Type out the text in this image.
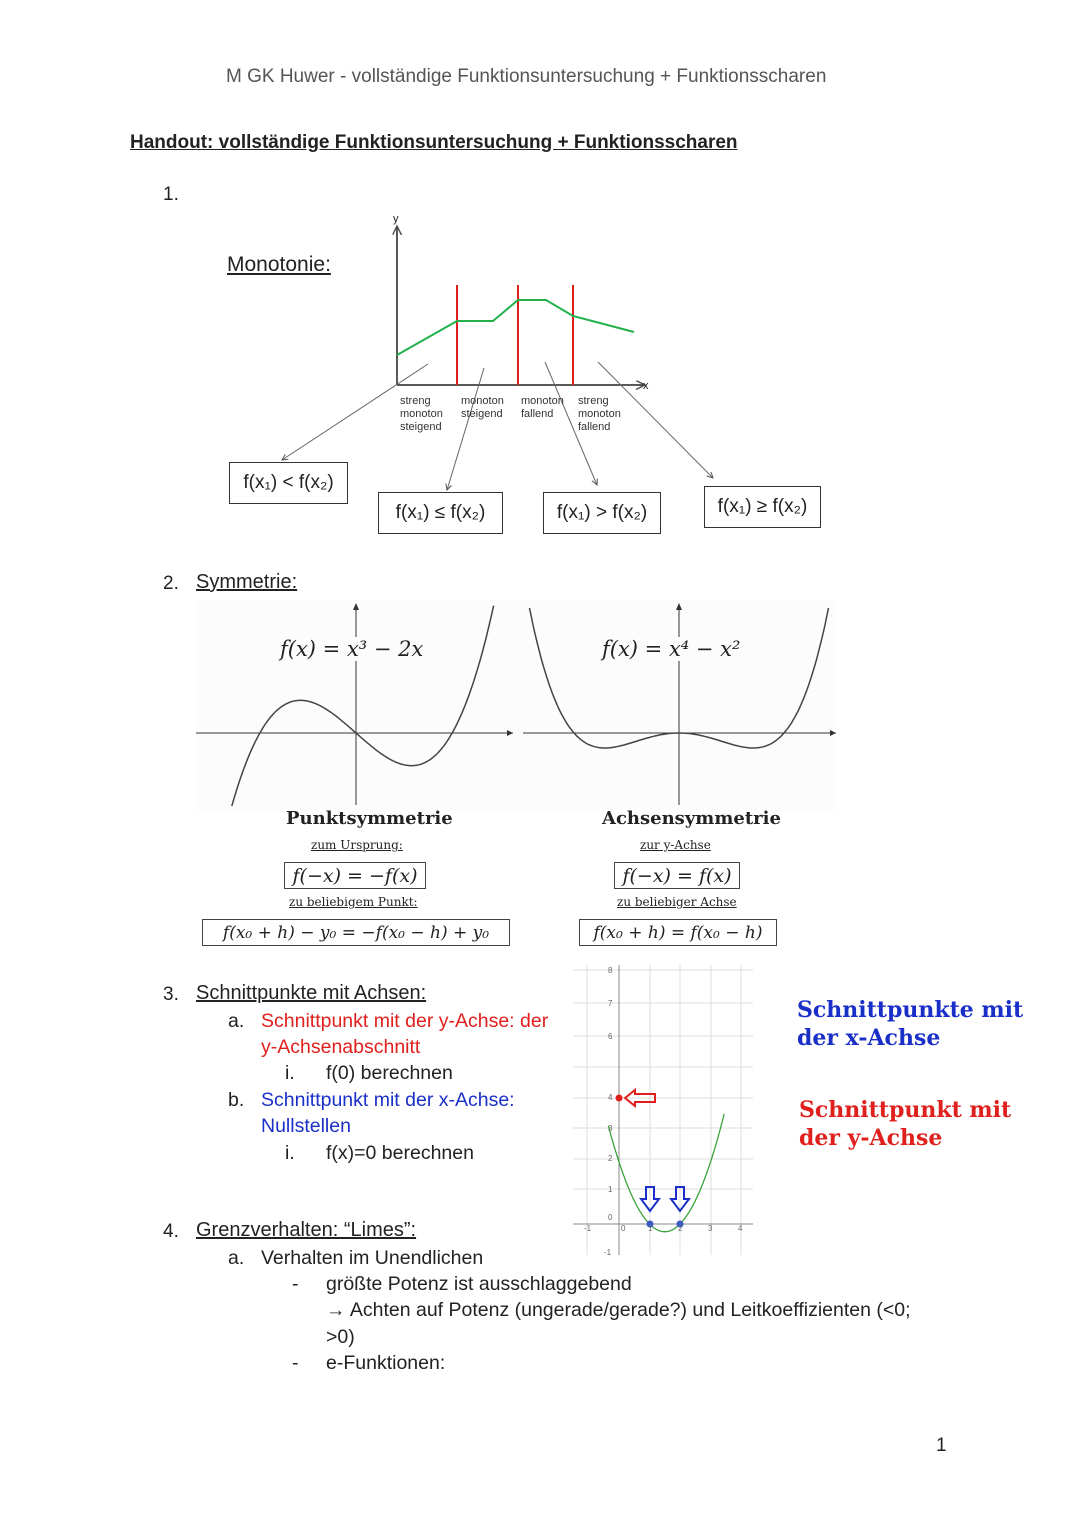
M GK Huwer - vollständige Funktionsuntersuchung + Funktionsscharen
Handout: vollständige Funktionsuntersuchung + Funktionsscharen
1.
Monotonie:
y
x
streng
monoton
steigend
monoton
steigend
monoton
fallend
streng
monoton
fallend
f(x₁) < f(x₂)
f(x₁) ≤ f(x₂)	f(x₁) > f(x₂)	f(x₁) ≥ f(x₂)
2. Symmetrie:
f(x) = x³ − 2x	f(x) = x⁴ − x²
Punktsymmetrie
zum Ursprung:
f(−x) = −f(x)
zu beliebigem Punkt:
f(x₀ + h) − y₀ = −f(x₀ − h) + y₀
Achsensymmetrie
zur y-Achse
f(−x) = f(x)
zu beliebiger Achse
f(x₀ + h) = f(x₀ − h)
3. Schnittpunkte mit Achsen:
a. Schnittpunkt mit der y-Achse: der
y-Achsenabschnitt
i. f(0) berechnen
b. Schnittpunkt mit der x-Achse:
Nullstellen
i. f(x)=0 berechnen
8
7
6
4
3
2
1
0
-1
-1	0	1	2	3	4
Schnittpunkte mit
der x-Achse
Schnittpunkt mit
der y-Achse
4. Grenzverhalten: “Limes”:
a. Verhalten im Unendlichen
- größte Potenz ist ausschlaggebend
→ Achten auf Potenz (ungerade/gerade?) und Leitkoeffizienten (<0;
>0)
- e-Funktionen:
1
